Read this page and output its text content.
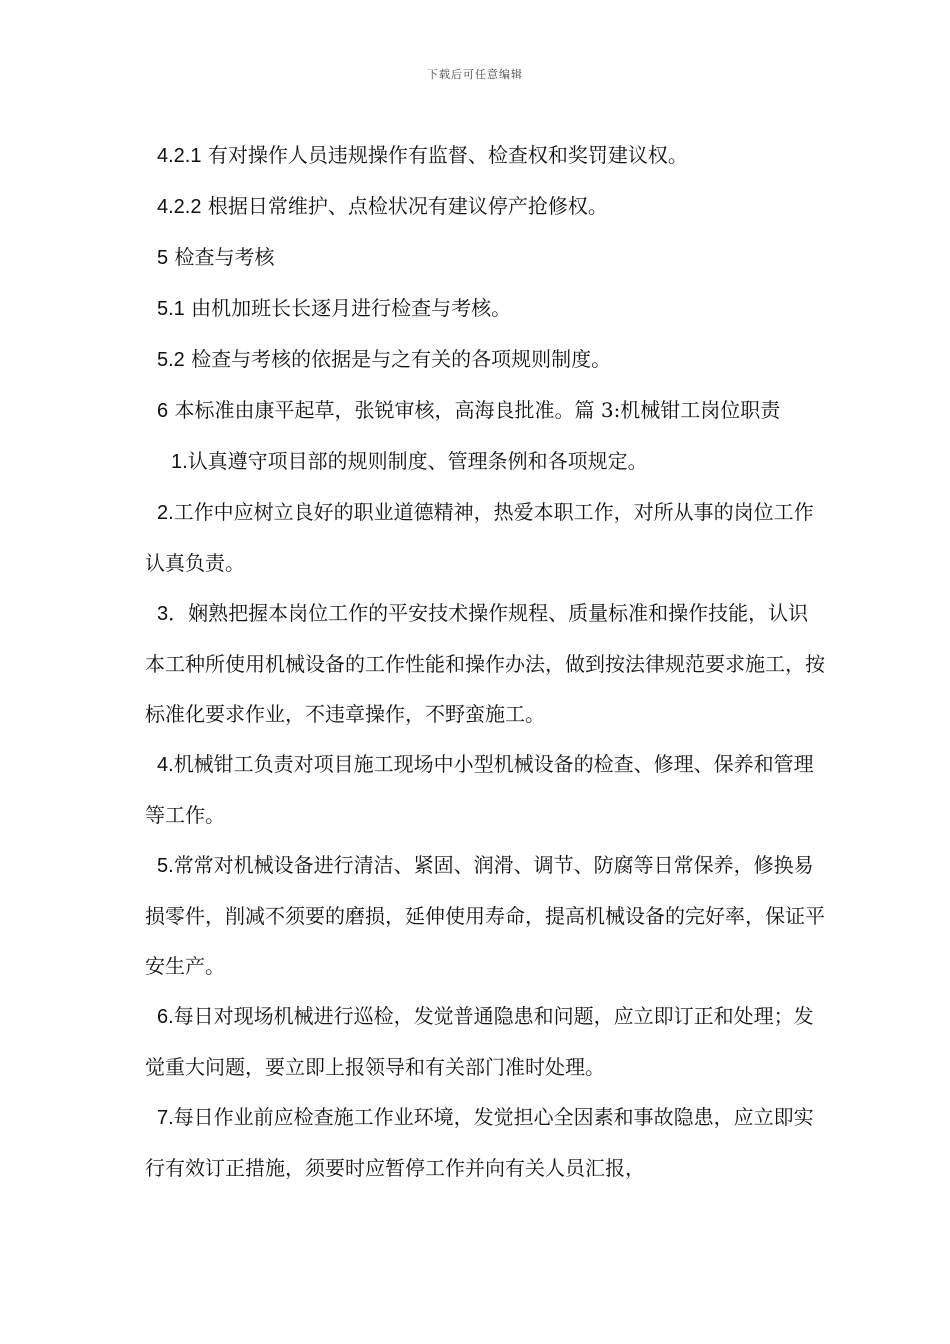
下载后可任意编辑

4.2.1 有对操作人员违规操作有监督、检查权和奖罚建议权。

4.2.2 根据日常维护、点检状况有建议停产抢修权。

5 检查与考核

5.1 由机加班长长逐月进行检查与考核。

5.2 检查与考核的依据是与之有关的各项规则制度。

6 本标准由康平起草，张锐审核，高海良批准。篇 3:机械钳工岗位职责

1.认真遵守项目部的规则制度、管理条例和各项规定。

2.工作中应树立良好的职业道德精神，热爱本职工作，对所从事的岗位工作认真负责。

3．娴熟把握本岗位工作的平安技术操作规程、质量标准和操作技能，认识本工种所使用机械设备的工作性能和操作办法，做到按法律规范要求施工，按标准化要求作业，不违章操作，不野蛮施工。

4.机械钳工负责对项目施工现场中小型机械设备的检查、修理、保养和管理等工作。

5.常常对机械设备进行清洁、紧固、润滑、调节、防腐等日常保养，修换易损零件，削减不须要的磨损，延伸使用寿命，提高机械设备的完好率，保证平安生产。

6.每日对现场机械进行巡检，发觉普通隐患和问题，应立即订正和处理；发觉重大问题，要立即上报领导和有关部门准时处理。

7.每日作业前应检查施工作业环境，发觉担心全因素和事故隐患，应立即实行有效订正措施，须要时应暂停工作并向有关人员汇报，
